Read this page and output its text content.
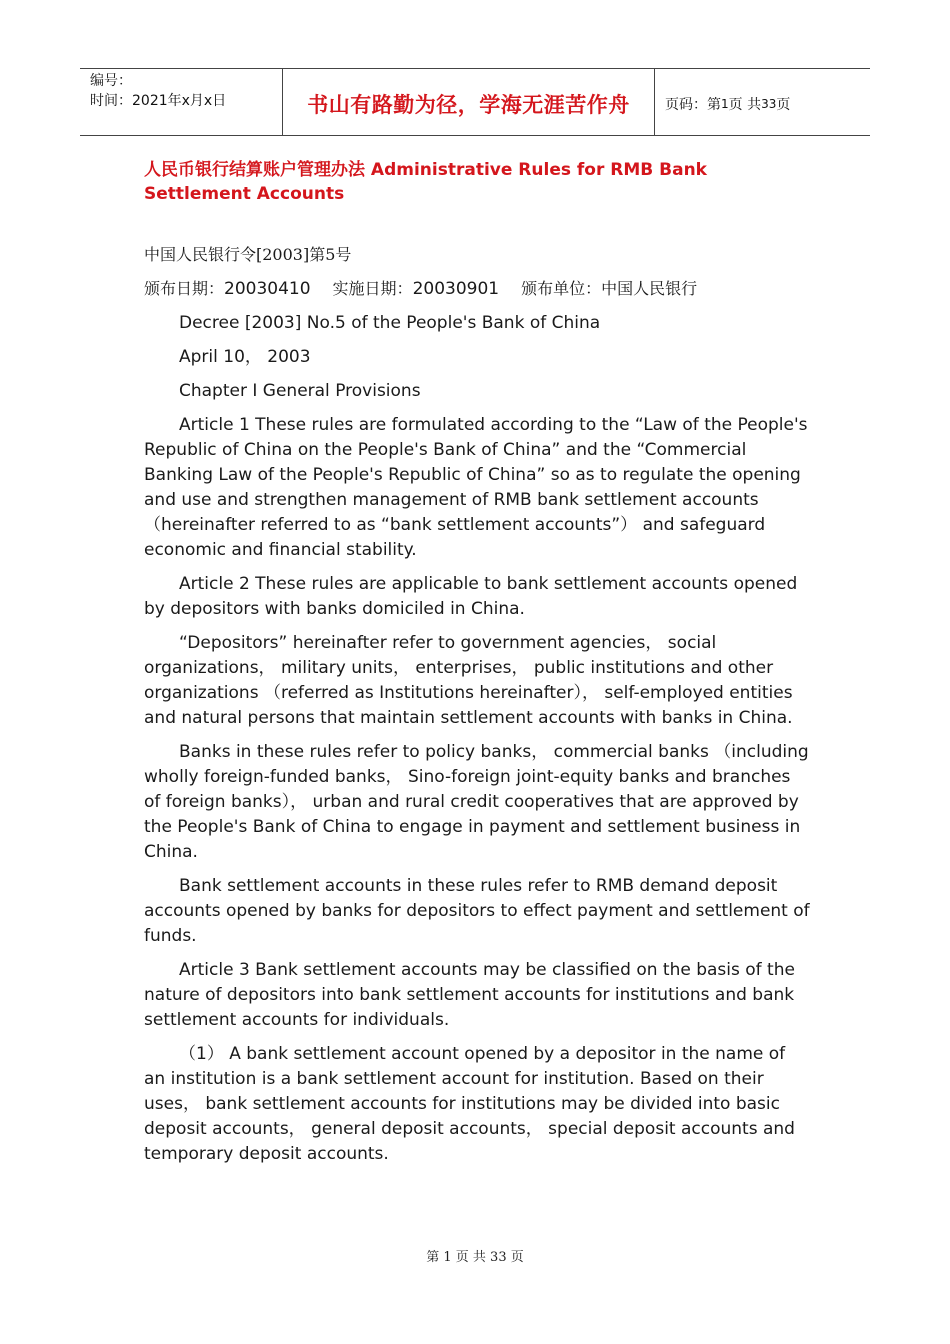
编号：
时间：2021年x月x日	书山有路勤为径，学海无涯苦作舟	页码：第 1 页 共 33 页

人民币银行结算账户管理办法 Administrative Rules for RMB Bank Settlement Accounts

中国人民银行令[2003]第5号
颁布日期：20030410 实施日期：20030901 颁布单位：中国人民银行

Decree [2003] No.5 of the People's Bank of China

April 10， 2003

Chapter I General Provisions

Article 1 These rules are formulated according to the “Law of the People's Republic of China on the People's Bank of China” and the “Commercial Banking Law of the People's Republic of China” so as to regulate the opening and use and strengthen management of RMB bank settlement accounts （hereinafter referred to as “bank settlement accounts”） and safeguard economic and financial stability.

Article 2 These rules are applicable to bank settlement accounts opened by depositors with banks domiciled in China.

“Depositors” hereinafter refer to government agencies， social organizations， military units， enterprises， public institutions and other organizations （referred as Institutions hereinafter）， self-employed entities and natural persons that maintain settlement accounts with banks in China.

Banks in these rules refer to policy banks， commercial banks （including wholly foreign-funded banks， Sino-foreign joint-equity banks and branches of foreign banks）， urban and rural credit cooperatives that are approved by the People's Bank of China to engage in payment and settlement business in China.

Bank settlement accounts in these rules refer to RMB demand deposit accounts opened by banks for depositors to effect payment and settlement of funds.

Article 3 Bank settlement accounts may be classified on the basis of the nature of depositors into bank settlement accounts for institutions and bank settlement accounts for individuals.

（1） A bank settlement account opened by a depositor in the name of an institution is a bank settlement account for institution. Based on their uses， bank settlement accounts for institutions may be divided into basic deposit accounts， general deposit accounts， special deposit accounts and temporary deposit accounts.

第 1 页 共 33 页
